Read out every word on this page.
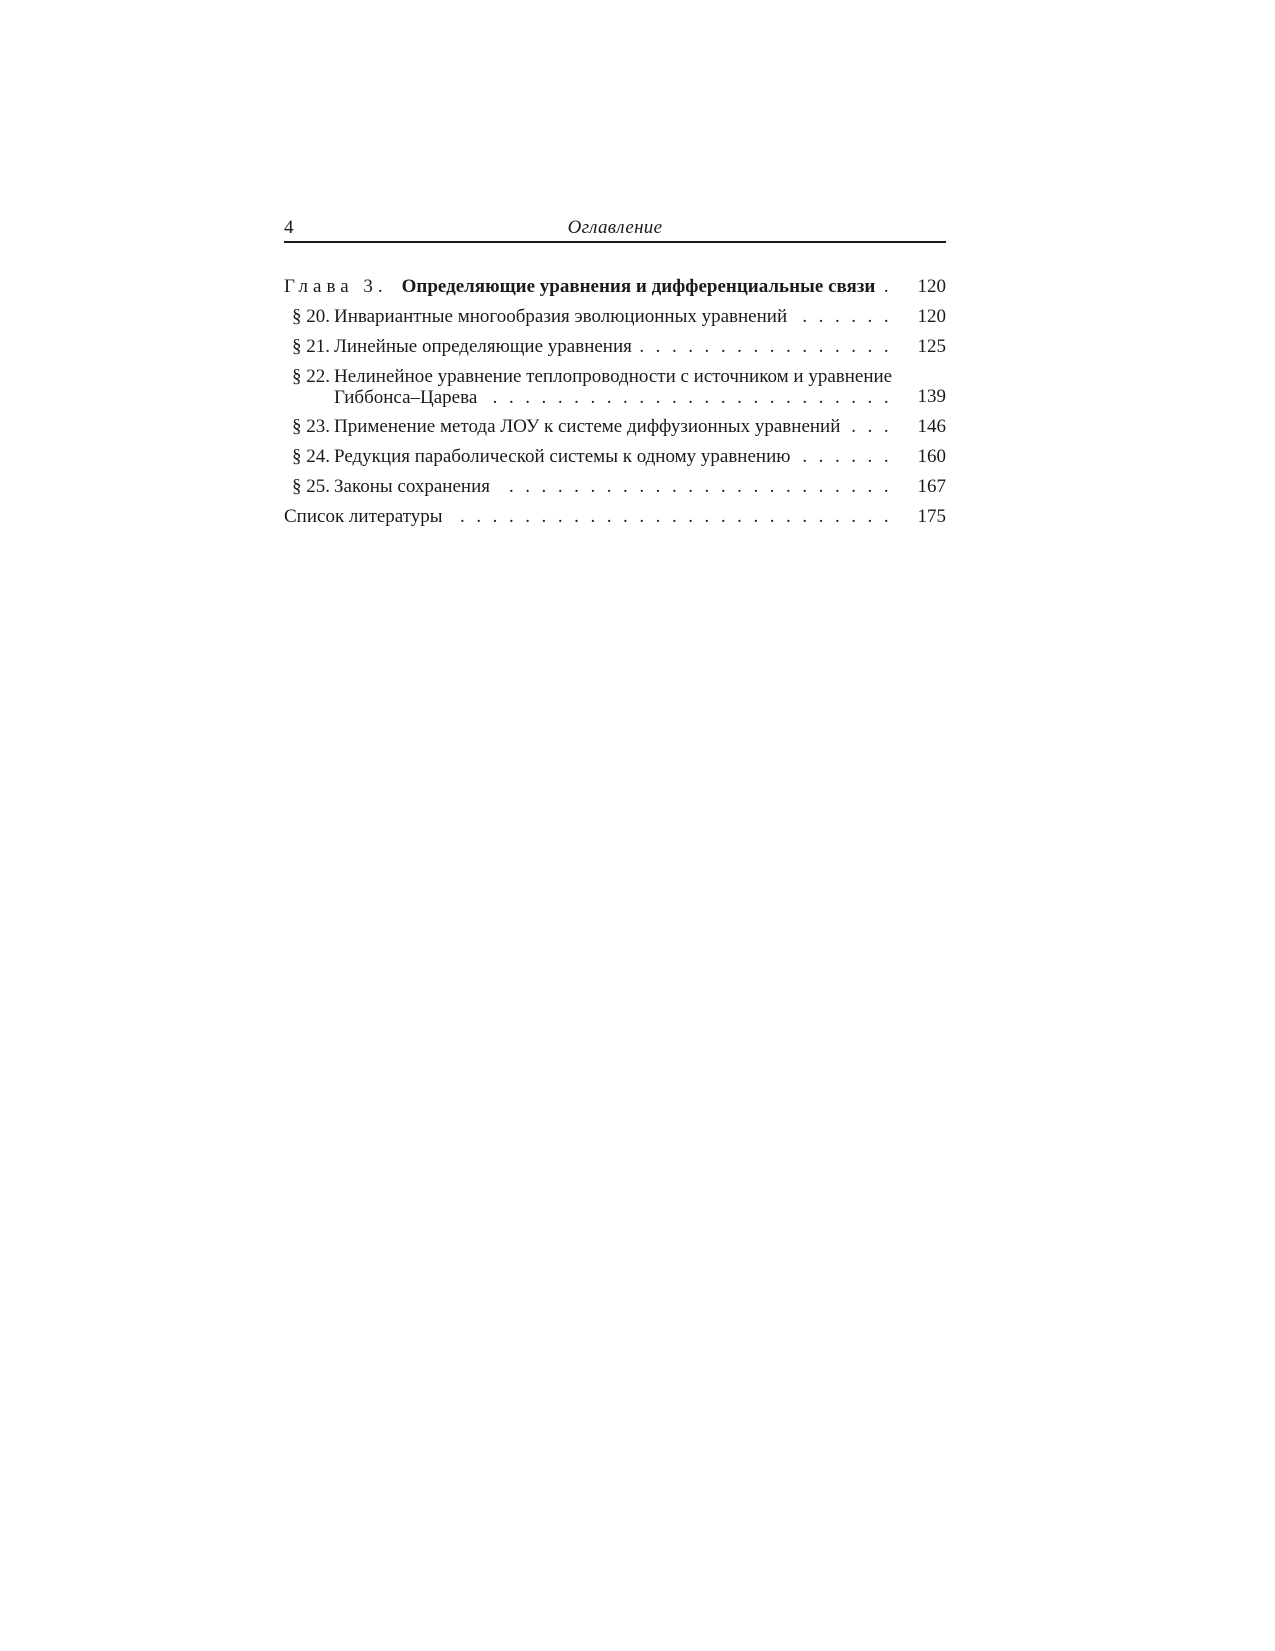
4	Оглавление
Глава 3. Определяющие уравнения и дифференциальные связи . . .	120
§ 20. Инвариантные многообразия эволюционных уравнений . . .	120
§ 21. Линейные определяющие уравнения . . .	125
§ 22. Нелинейное уравнение теплопроводности с источником и уравнение
Гиббонса–Царева . . .	139
§ 23. Применение метода ЛОУ к системе диффузионных уравнений . . .	146
§ 24. Редукция параболической системы к одному уравнению . . .	160
§ 25. Законы сохранения . . .	167
Список литературы . . .	175
